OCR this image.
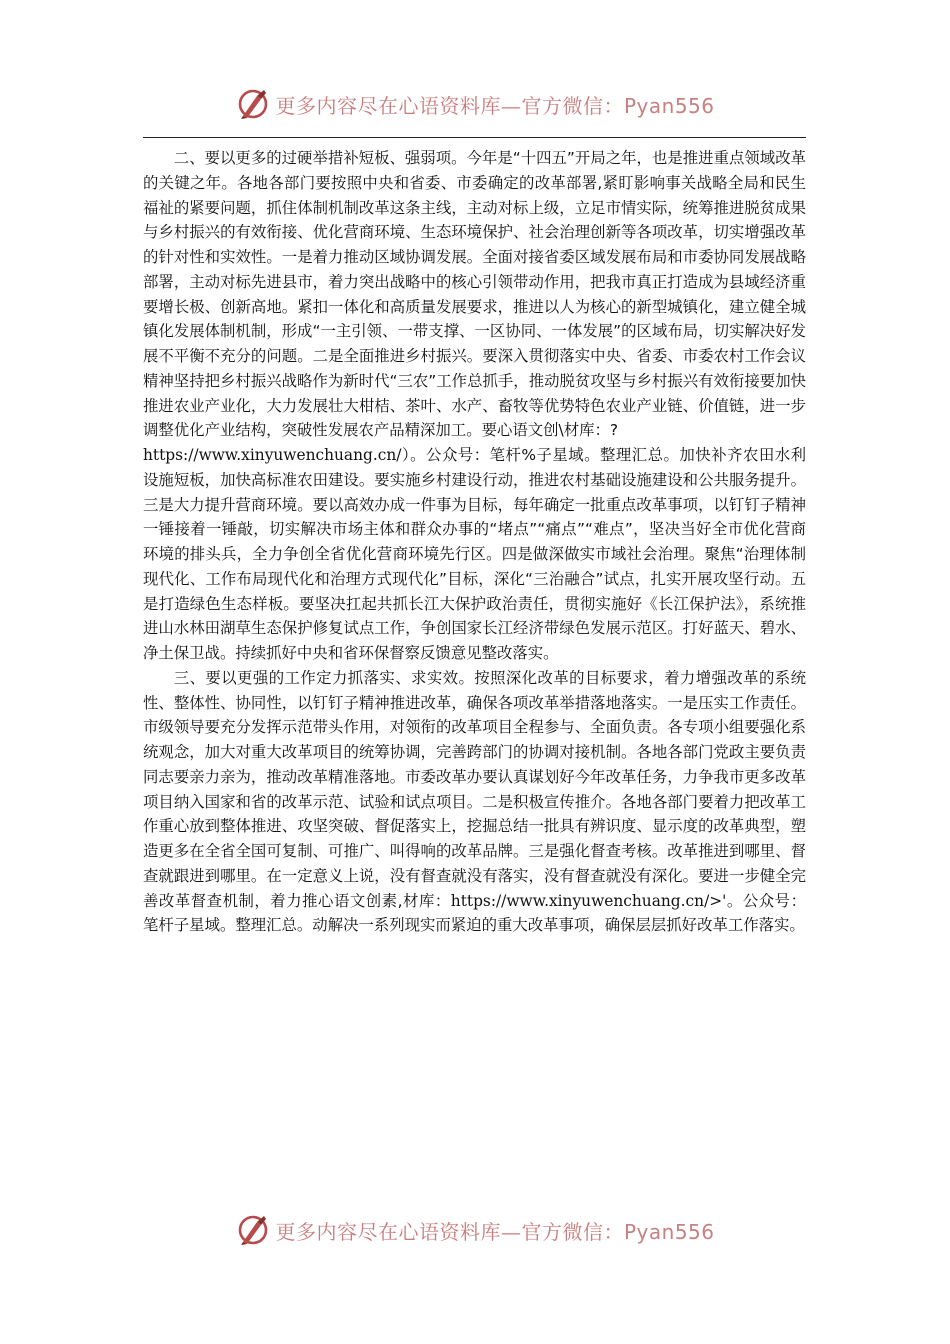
更多内容尽在心语资料库—官方微信：Pyan556

二、要以更多的过硬举措补短板、强弱项。今年是“十四五”开局之年，也是推进重点领域改革的关键之年。各地各部门要按照中央和省委、市委确定的改革部署,紧盯影响事关战略全局和民生福祉的紧要问题，抓住体制机制改革这条主线，主动对标上级，立足市情实际，统筹推进脱贫成果与乡村振兴的有效衔接、优化营商环境、生态环境保护、社会治理创新等各项改革，切实增强改革的针对性和实效性。一是着力推动区域协调发展。全面对接省委区域发展布局和市委协同发展战略部署，主动对标先进县市，着力突出战略中的核心引领带动作用，把我市真正打造成为县域经济重要增长极、创新高地。紧扣一体化和高质量发展要求，推进以人为核心的新型城镇化，建立健全城镇化发展体制机制，形成“一主引领、一带支撑、一区协同、一体发展”的区域布局，切实解决好发展不平衡不充分的问题。二是全面推进乡村振兴。要深入贯彻落实中央、省委、市委农村工作会议精神坚持把乡村振兴战略作为新时代“三农”工作总抓手，推动脱贫攻坚与乡村振兴有效衔接要加快推进农业产业化，大力发展壮大柑桔、茶叶、水产、畜牧等优势特色农业产业链、价值链，进一步调整优化产业结构，突破性发展农产品精深加工。要心语文创\材库：?
https://www.xinyuwenchuang.cn/）。公众号：笔杆%子星域。整理汇总。加快补齐农田水利设施短板，加快高标准农田建设。要实施乡村建设行动，推进农村基础设施建设和公共服务提升。三是大力提升营商环境。要以高效办成一件事为目标，每年确定一批重点改革事项，以钉钉子精神一锤接着一锤敲，切实解决市场主体和群众办事的“堵点”“痛点”“难点”，坚决当好全市优化营商环境的排头兵，全力争创全省优化营商环境先行区。四是做深做实市域社会治理。聚焦“治理体制现代化、工作布局现代化和治理方式现代化”目标，深化“三治融合”试点，扎实开展攻坚行动。五是打造绿色生态样板。要坚决扛起共抓长江大保护政治责任，贯彻实施好《长江保护法》，系统推进山水林田湖草生态保护修复试点工作，争创国家长江经济带绿色发展示范区。打好蓝天、碧水、净土保卫战。持续抓好中央和省环保督察反馈意见整改落实。

三、要以更强的工作定力抓落实、求实效。按照深化改革的目标要求，着力增强改革的系统性、整体性、协同性，以钉钉子精神推进改革，确保各项改革举措落地落实。一是压实工作责任。市级领导要充分发挥示范带头作用，对领衔的改革项目全程参与、全面负责。各专项小组要强化系统观念，加大对重大改革项目的统筹协调，完善跨部门的协调对接机制。各地各部门党政主要负责同志要亲力亲为，推动改革精准落地。市委改革办要认真谋划好今年改革任务，力争我市更多改革项目纳入国家和省的改革示范、试验和试点项目。二是积极宣传推介。各地各部门要着力把改革工作重心放到整体推进、攻坚突破、督促落实上，挖掘总结一批具有辨识度、显示度的改革典型，塑造更多在全省全国可复制、可推广、叫得响的改革品牌。三是强化督查考核。改革推进到哪里、督查就跟进到哪里。在一定意义上说，没有督查就没有落实，没有督查就没有深化。要进一步健全完善改革督查机制，着力推心语文创素,材库：https://www.xinyuwenchuang.cn/>'。公众号：笔杆子星域。整理汇总。动解决一系列现实而紧迫的重大改革事项，确保层层抓好改革工作落实。

更多内容尽在心语资料库—官方微信：Pyan556
